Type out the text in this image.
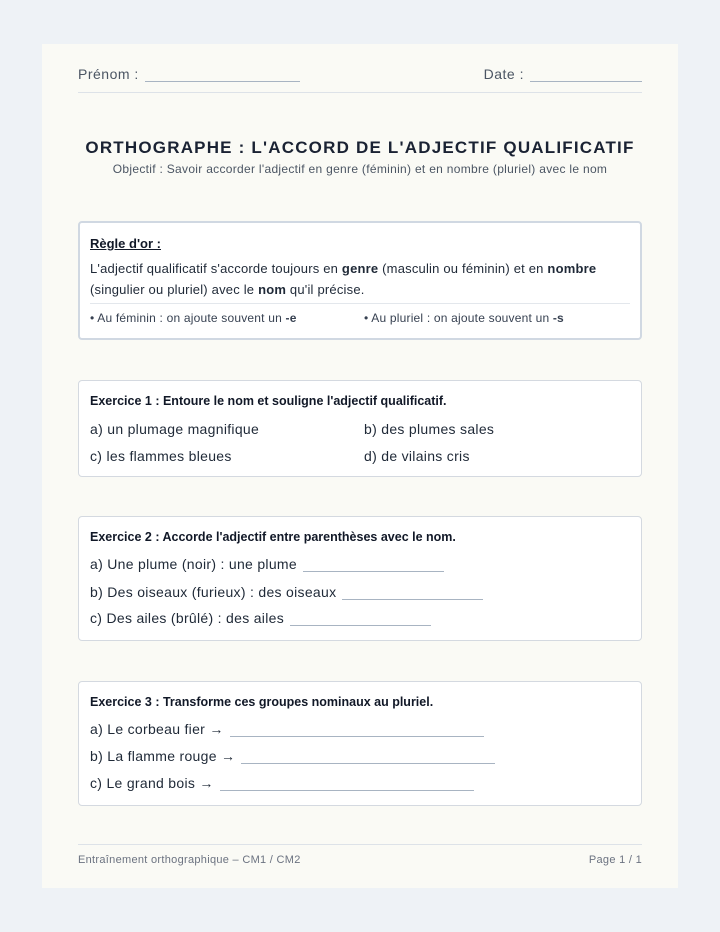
Prénom :	Date :
ORTHOGRAPHE : L'ACCORD DE L'ADJECTIF QUALIFICATIF
Objectif : Savoir accorder l'adjectif en genre (féminin) et en nombre (pluriel) avec le nom
Règle d'or :
L'adjectif qualificatif s'accorde toujours en genre (masculin ou féminin) et en nombre (singulier ou pluriel) avec le nom qu'il précise.
• Au féminin : on ajoute souvent un -e	• Au pluriel : on ajoute souvent un -s
Exercice 1 : Entoure le nom et souligne l'adjectif qualificatif.
a) un plumage magnifique	b) des plumes sales
c) les flammes bleues	d) de vilains cris
Exercice 2 : Accorde l'adjectif entre parenthèses avec le nom.
a) Une plume (noir) : une plume
b) Des oiseaux (furieux) : des oiseaux
c) Des ailes (brûlé) : des ailes
Exercice 3 : Transforme ces groupes nominaux au pluriel.
a) Le corbeau fier →
b) La flamme rouge →
c) Le grand bois →
Entraînement orthographique – CM1 / CM2	Page 1 / 1
